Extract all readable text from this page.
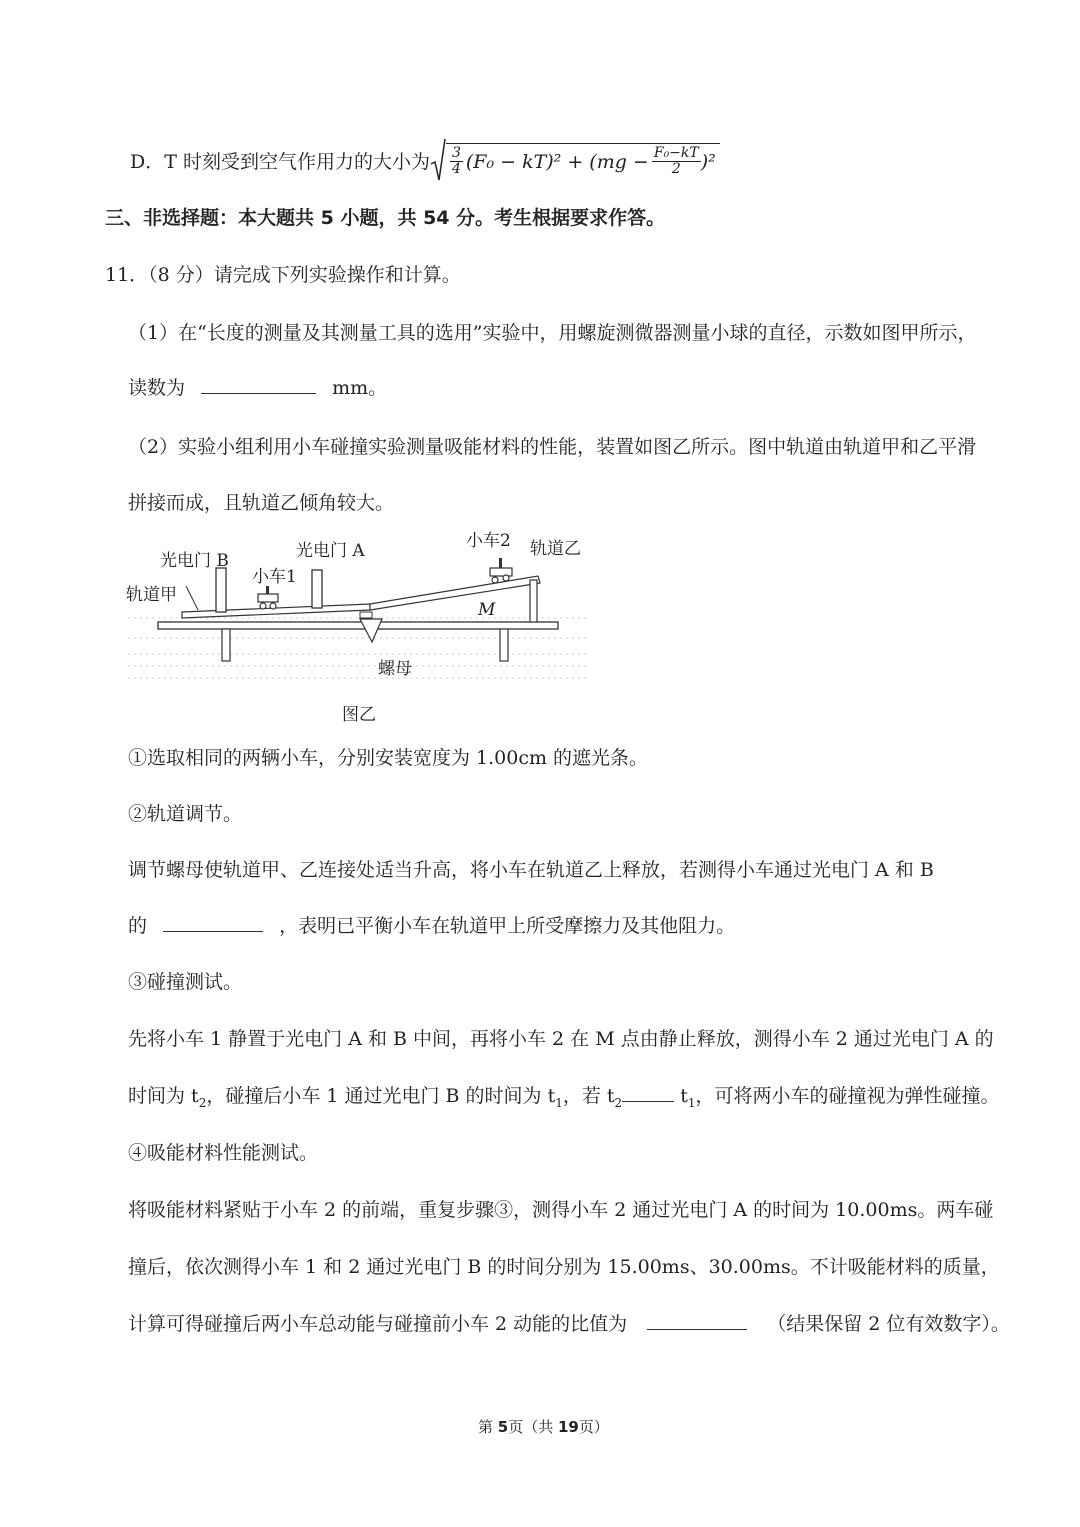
D．T 时刻受到空气作用力的大小为 $\frac{3}{4} (F_0 - kT)^2 + (mg - \frac{\text{F₀−kT}}{2} )^2$
三、非选择题：本大题共 5 小题，共 54 分。考生根据要求作答。
11．（8 分）请完成下列实验操作和计算。
（1）在“长度的测量及其测量工具的选用”实验中，用螺旋测微器测量小球的直径，示数如图甲所示，
读数为	mm。
（2）实验小组利用小车碰撞实验测量吸能材料的性能，装置如图乙所示。图中轨道由轨道甲和乙平滑
拼接而成，且轨道乙倾角较大。
光电门 B
小车1
光电门 A	小车2 轨道乙
轨道甲
M
螺母
图乙
①选取相同的两辆小车，分别安装宽度为 1.00cm 的遮光条。
②轨道调节。
调节螺母使轨道甲、乙连接处适当升高，将小车在轨道乙上释放，若测得小车通过光电门 A 和 B
的	，表明已平衡小车在轨道甲上所受摩擦力及其他阻力。
③碰撞测试。
先将小车 1 静置于光电门 A 和 B 中间，再将小车 2 在 M 点由静止释放，测得小车 2 通过光电门 A 的
时间为 $t_2$，碰撞后小车 1 通过光电门 B 的时间为 $t_1$，若 $t_2$	$t_1$，可将两小车的碰撞视为弹性碰撞。
④吸能材料性能测试。
将吸能材料紧贴于小车 2 的前端，重复步骤③，测得小车 2 通过光电门 A 的时间为 10.00ms。两车碰
撞后，依次测得小车 1 和 2 通过光电门 B 的时间分别为 15.00ms、30.00ms。不计吸能材料的质量，
计算可得碰撞后两小车总动能与碰撞前小车 2 动能的比值为	（结果保留 2 位有效数字）。
第 5页（共 19页）
